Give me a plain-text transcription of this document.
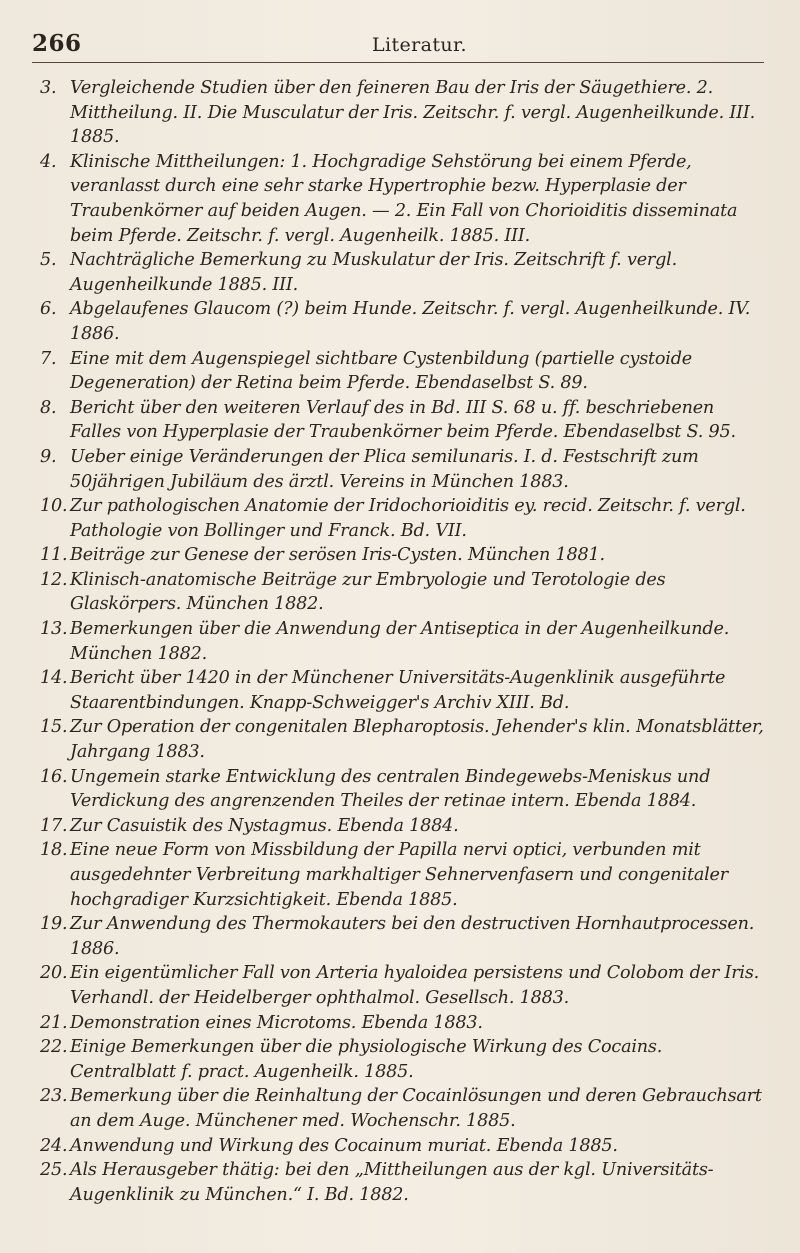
266	Literatur.
3. Vergleichende Studien über den feineren Bau der Iris der Säugethiere. 2. Mittheilung. II. Die Musculatur der Iris. Zeitschr. f. vergl. Augenheilkunde. III. 1885.
4. Klinische Mittheilungen: 1. Hochgradige Sehstörung bei einem Pferde, veranlasst durch eine sehr starke Hypertrophie bezw. Hyperplasie der Traubenkörner auf beiden Augen. — 2. Ein Fall von Chorioiditis disseminata beim Pferde. Zeitschr. f. vergl. Augenheilk. 1885. III.
5. Nachträgliche Bemerkung zu Muskulatur der Iris. Zeitschrift f. vergl. Augenheilkunde 1885. III.
6. Abgelaufenes Glaucom (?) beim Hunde. Zeitschr. f. vergl. Augenheilkunde. IV. 1886.
7. Eine mit dem Augenspiegel sichtbare Cystenbildung (partielle cystoide Degeneration) der Retina beim Pferde. Ebendaselbst S. 89.
8. Bericht über den weiteren Verlauf des in Bd. III S. 68 u. ff. beschriebenen Falles von Hyperplasie der Traubenkörner beim Pferde. Ebendaselbst S. 95.
9. Ueber einige Veränderungen der Plica semilunaris. I. d. Festschrift zum 50jährigen Jubiläum des ärztl. Vereins in München 1883.
10. Zur pathologischen Anatomie der Iridochorioiditis ey. recid. Zeitschr. f. vergl. Pathologie von Bollinger und Franck. Bd. VII.
11. Beiträge zur Genese der serösen Iris-Cysten. München 1881.
12. Klinisch-anatomische Beiträge zur Embryologie und Terotologie des Glaskörpers. München 1882.
13. Bemerkungen über die Anwendung der Antiseptica in der Augenheilkunde. München 1882.
14. Bericht über 1420 in der Münchener Universitäts-Augenklinik ausgeführte Staarentbindungen. Knapp-Schweigger's Archiv XIII. Bd.
15. Zur Operation der congenitalen Blepharoptosis. Jehender's klin. Monatsblätter, Jahrgang 1883.
16. Ungemein starke Entwicklung des centralen Bindegewebs-Meniskus und Verdickung des angrenzenden Theiles der retinae intern. Ebenda 1884.
17. Zur Casuistik des Nystagmus. Ebenda 1884.
18. Eine neue Form von Missbildung der Papilla nervi optici, verbunden mit ausgedehnter Verbreitung markhaltiger Sehnervenfasern und congenitaler hochgradiger Kurzsichtigkeit. Ebenda 1885.
19. Zur Anwendung des Thermokauters bei den destructiven Hornhautprocessen. 1886.
20. Ein eigentümlicher Fall von Arteria hyaloidea persistens und Colobom der Iris. Verhandl. der Heidelberger ophthalmol. Gesellsch. 1883.
21. Demonstration eines Microtoms. Ebenda 1883.
22. Einige Bemerkungen über die physiologische Wirkung des Cocains. Centralblatt f. pract. Augenheilk. 1885.
23. Bemerkung über die Reinhaltung der Cocainlösungen und deren Gebrauchsart an dem Auge. Münchener med. Wochenschr. 1885.
24. Anwendung und Wirkung des Cocainum muriat. Ebenda 1885.
25. Als Herausgeber thätig: bei den „Mittheilungen aus der kgl. Universitäts-Augenklinik zu München.“ I. Bd. 1882.
